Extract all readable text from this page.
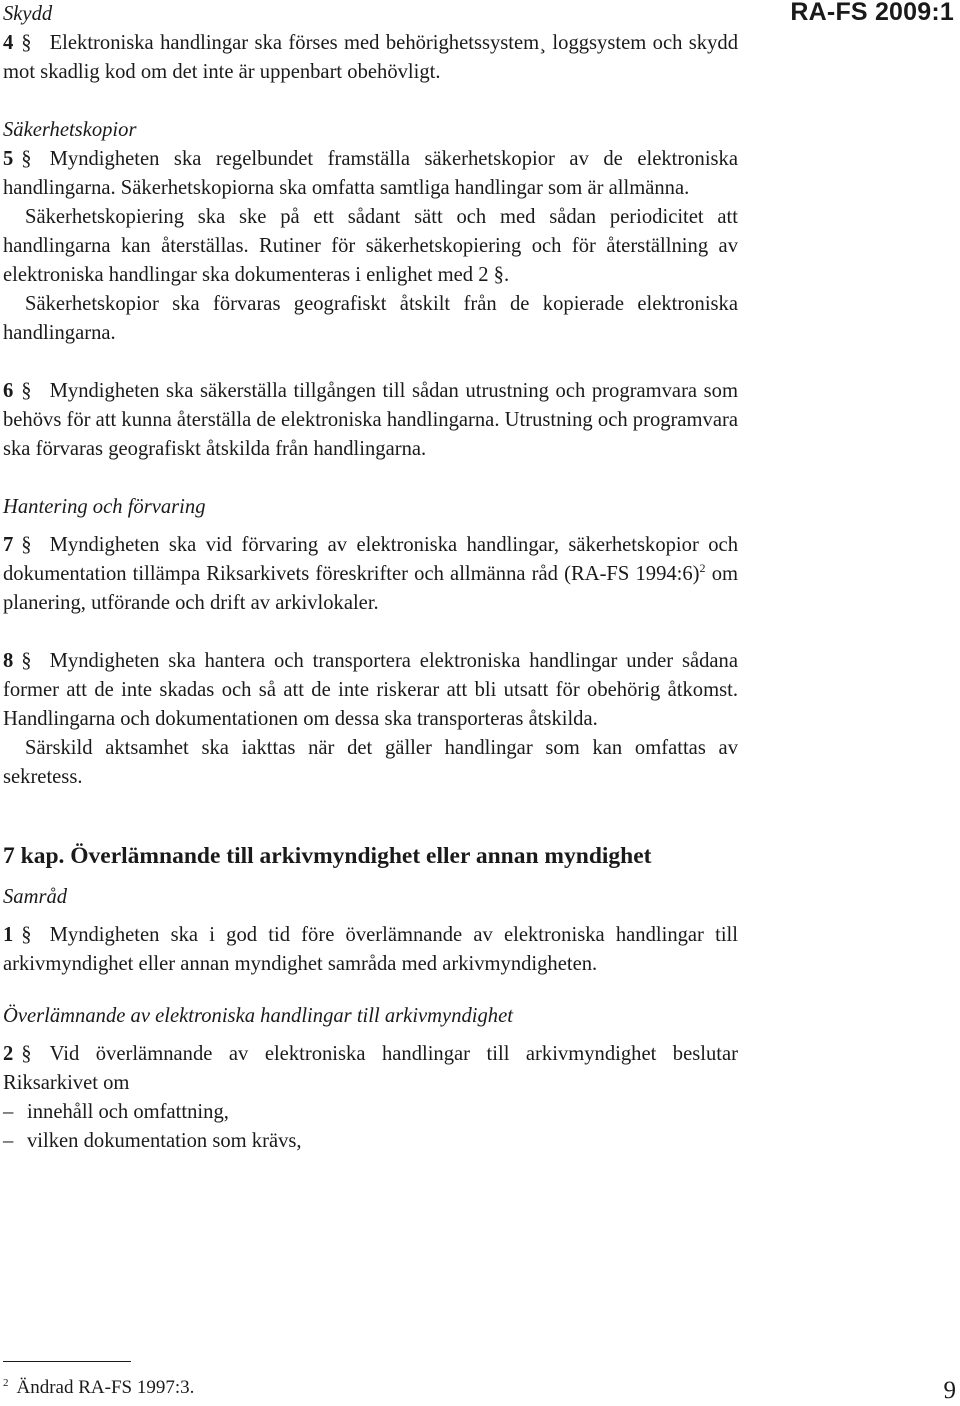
RA-FS 2009:1

Skydd

4 § Elektroniska handlingar ska förses med behörighetssystem¸ loggsystem och skydd mot skadlig kod om det inte är uppenbart obehövligt.

Säkerhetskopior

5 § Myndigheten ska regelbundet framställa säkerhetskopior av de elektroniska handlingarna. Säkerhetskopiorna ska omfatta samtliga handlingar som är allmänna.

Säkerhetskopiering ska ske på ett sådant sätt och med sådan periodicitet att handlingarna kan återställas. Rutiner för säkerhetskopiering och för återställning av elektroniska handlingar ska dokumenteras i enlighet med 2 §.

Säkerhetskopior ska förvaras geografiskt åtskilt från de kopierade elektroniska handlingarna.

6 § Myndigheten ska säkerställa tillgången till sådan utrustning och programvara som behövs för att kunna återställa de elektroniska handlingarna. Utrustning och programvara ska förvaras geografiskt åtskilda från handlingarna.

Hantering och förvaring

7 § Myndigheten ska vid förvaring av elektroniska handlingar, säkerhetskopior och dokumentation tillämpa Riksarkivets föreskrifter och allmänna råd (RA-FS 1994:6)$^2$ om planering, utförande och drift av arkivlokaler.

8 § Myndigheten ska hantera och transportera elektroniska handlingar under sådana former att de inte skadas och så att de inte riskerar att bli utsatt för obehörig åtkomst. Handlingarna och dokumentationen om dessa ska transporteras åtskilda.

Särskild aktsamhet ska iakttas när det gäller handlingar som kan omfattas av sekretess.

7 kap. Överlämnande till arkivmyndighet eller annan myndighet

Samråd

1 § Myndigheten ska i god tid före överlämnande av elektroniska handlingar till arkivmyndighet eller annan myndighet samråda med arkivmyndigheten.

Överlämnande av elektroniska handlingar till arkivmyndighet

2 § Vid överlämnande av elektroniska handlingar till arkivmyndighet beslutar Riksarkivet om

– innehåll och omfattning,
– vilken dokumentation som krävs,
$^2$ Ändrad RA-FS 1997:3.	9
